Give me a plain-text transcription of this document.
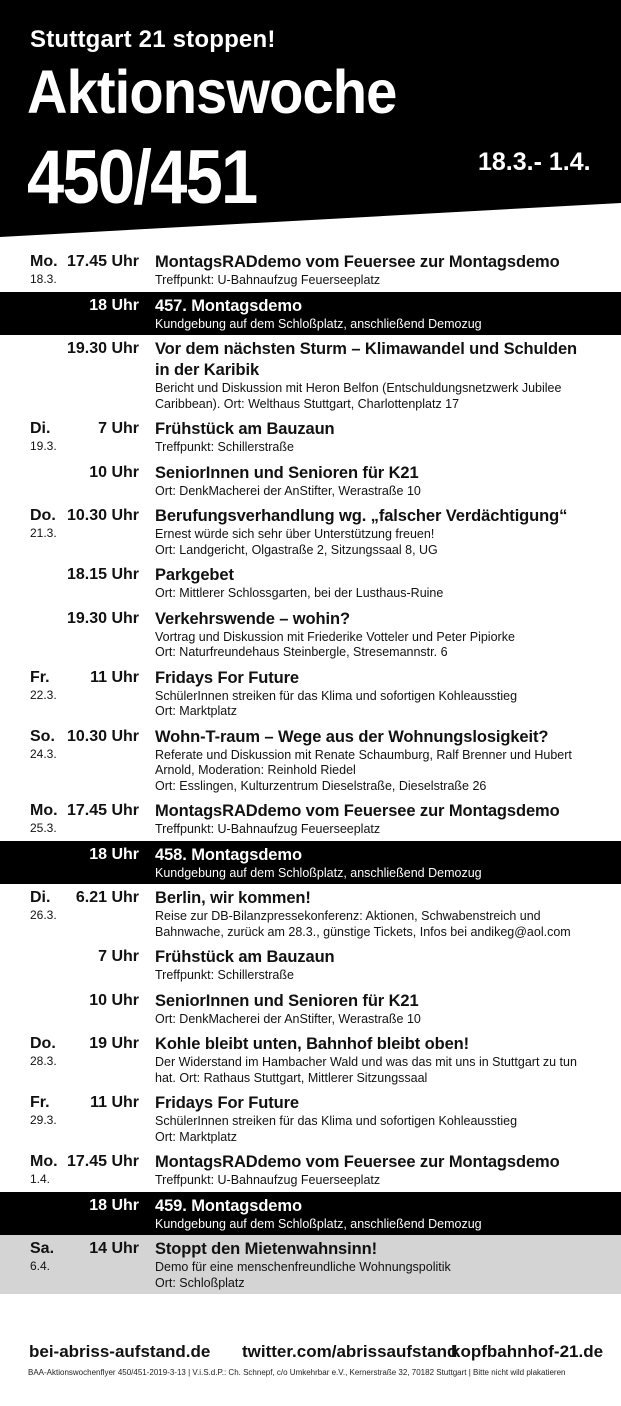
Stuttgart 21 stoppen!
Aktionswoche
450/451	18.3.- 1.4.
Mo.
18.3.
17.45 Uhr MontagsRADdemo vom Feuersee zur Montagsdemo
Treffpunkt: U-Bahnaufzug Feuerseeplatz
18 Uhr 457. Montagsdemo
Kundgebung auf dem Schloßplatz, anschließend Demozug
19.30 Uhr Vor dem nächsten Sturm – Klimawandel und Schulden in der Karibik
Bericht und Diskussion mit Heron Belfon (Entschuldungsnetzwerk Jubilee Caribbean). Ort: Welthaus Stuttgart, Charlottenplatz 17
Di.
19.3.
7 Uhr Frühstück am Bauzaun
Treffpunkt: Schillerstraße
10 Uhr SeniorInnen und Senioren für K21
Ort: DenkMacherei der AnStifter, Werastraße 10
Do.
21.3.
10.30 Uhr Berufungsverhandlung wg. „falscher Verdächtigung“
Ernest würde sich sehr über Unterstützung freuen!
Ort: Landgericht, Olgastraße 2, Sitzungssaal 8, UG
18.15 Uhr Parkgebet
Ort: Mittlerer Schlossgarten, bei der Lusthaus-Ruine
19.30 Uhr Verkehrswende – wohin?
Vortrag und Diskussion mit Friederike Votteler und Peter Pipiorke
Ort: Naturfreundehaus Steinbergle, Stresemannstr. 6
Fr.
22.3.
11 Uhr Fridays For Future
SchülerInnen streiken für das Klima und sofortigen Kohleausstieg
Ort: Marktplatz
So.
24.3.
10.30 Uhr Wohn-T-raum – Wege aus der Wohnungslosigkeit?
Referate und Diskussion mit Renate Schaumburg, Ralf Brenner und Hubert Arnold, Moderation: Reinhold Riedel
Ort: Esslingen, Kulturzentrum Dieselstraße, Dieselstraße 26
Mo.
25.3.
17.45 Uhr MontagsRADdemo vom Feuersee zur Montagsdemo
Treffpunkt: U-Bahnaufzug Feuerseeplatz
18 Uhr 458. Montagsdemo
Kundgebung auf dem Schloßplatz, anschließend Demozug
Di.
26.3.
6.21 Uhr Berlin, wir kommen!
Reise zur DB-Bilanzpressekonferenz: Aktionen, Schwabenstreich und Bahnwache, zurück am 28.3., günstige Tickets, Infos bei andikeg@aol.com
7 Uhr Frühstück am Bauzaun
Treffpunkt: Schillerstraße
10 Uhr SeniorInnen und Senioren für K21
Ort: DenkMacherei der AnStifter, Werastraße 10
Do.
28.3.
19 Uhr Kohle bleibt unten, Bahnhof bleibt oben!
Der Widerstand im Hambacher Wald und was das mit uns in Stuttgart zu tun hat. Ort: Rathaus Stuttgart, Mittlerer Sitzungssaal
Fr.
29.3.
11 Uhr Fridays For Future
SchülerInnen streiken für das Klima und sofortigen Kohleausstieg
Ort: Marktplatz
Mo.
1.4.
17.45 Uhr MontagsRADdemo vom Feuersee zur Montagsdemo
Treffpunkt: U-Bahnaufzug Feuerseeplatz
18 Uhr 459. Montagsdemo
Kundgebung auf dem Schloßplatz, anschließend Demozug
Sa.
6.4.
14 Uhr Stoppt den Mietenwahnsinn!
Demo für eine menschenfreundliche Wohnungspolitik
Ort: Schloßplatz
bei-abriss-aufstand.de twitter.com/abrissaufstand
kopfbahnhof-21.de
BAA-Aktionswochenflyer 450/451-2019-3-13 | V.i.S.d.P.: Ch. Schnepf, c/o Umkehrbar e.V., Kernerstraße 32, 70182 Stuttgart | Bitte nicht wild plakatieren
